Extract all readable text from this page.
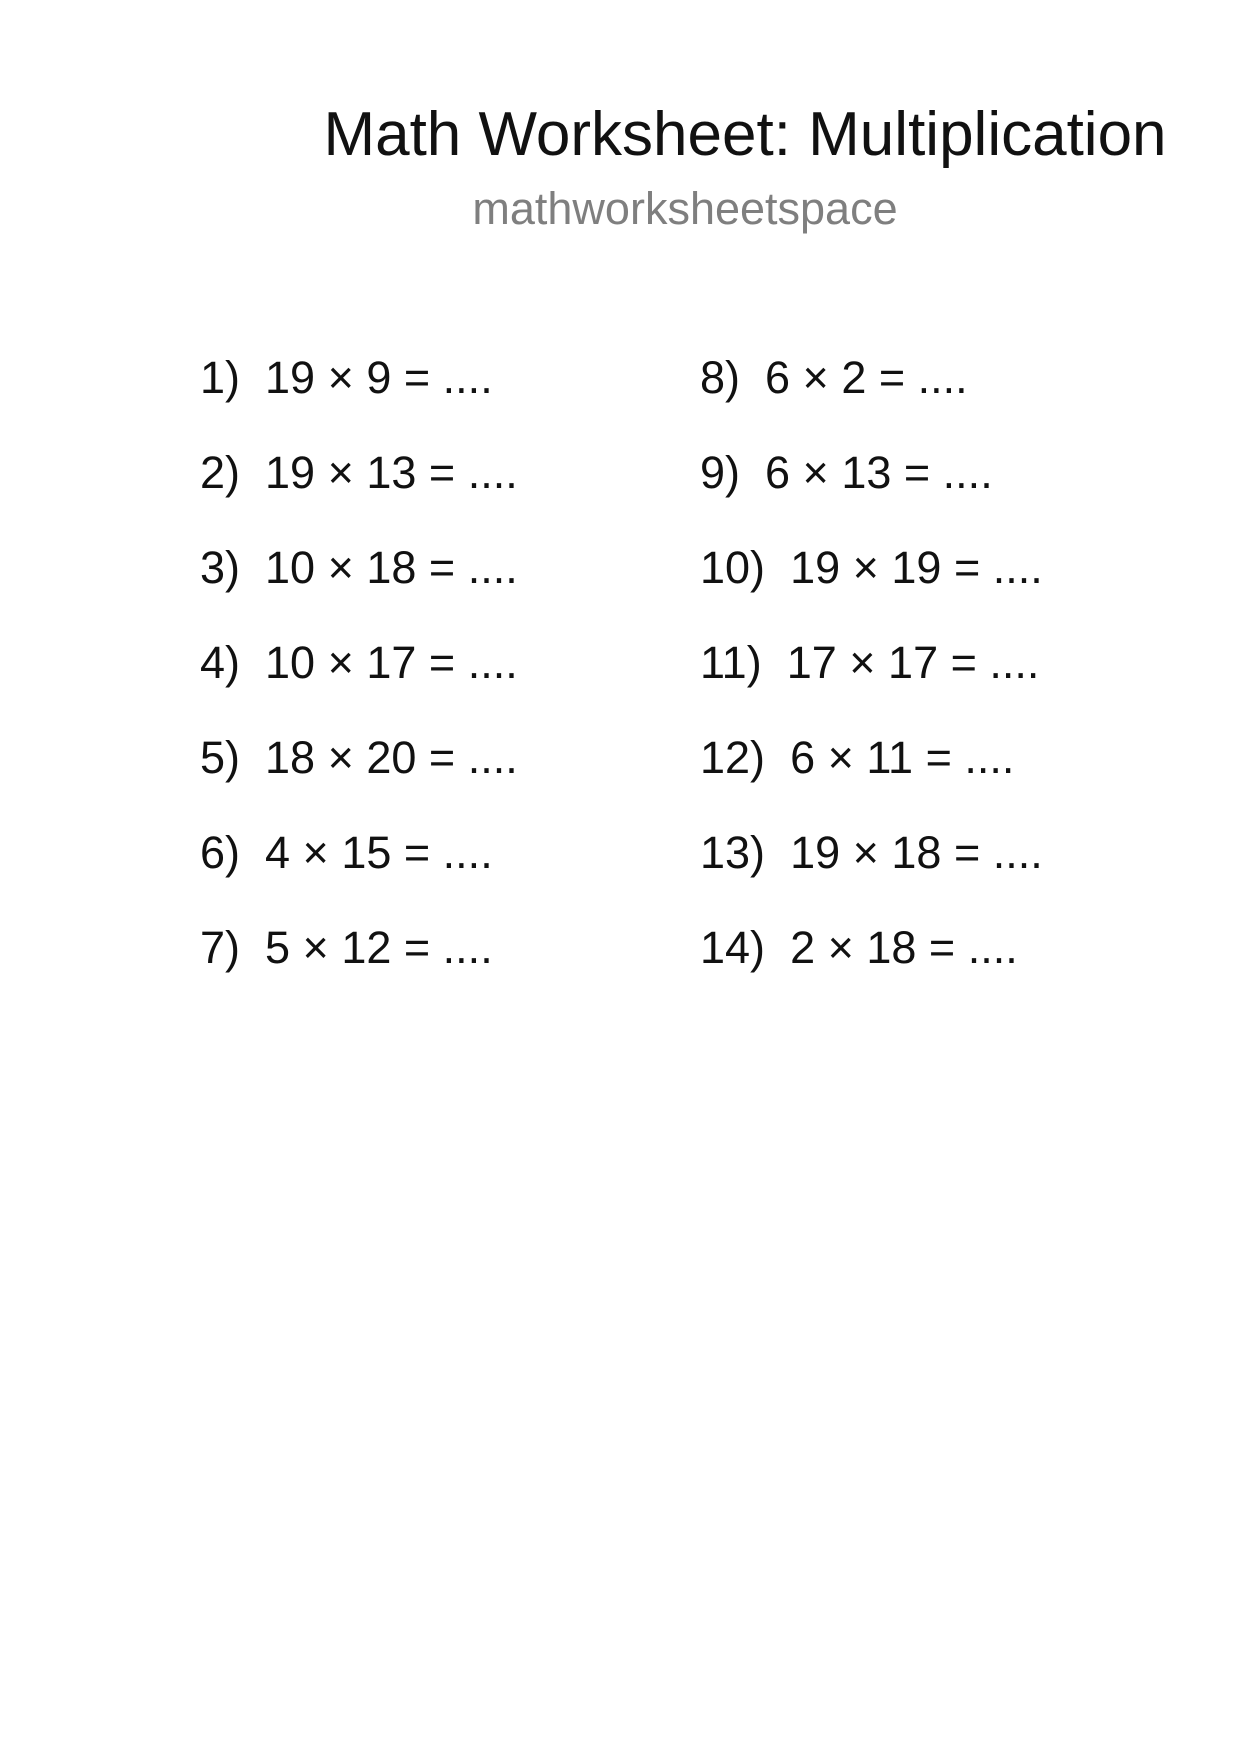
Math Worksheet: Multiplication
mathworksheetspace
1) 19 × 9 = ....
2) 19 × 13 = ....
3) 10 × 18 = ....
4) 10 × 17 = ....
5) 18 × 20 = ....
6) 4 × 15 = ....
7) 5 × 12 = ....
8) 6 × 2 = ....
9) 6 × 13 = ....
10) 19 × 19 = ....
11) 17 × 17 = ....
12) 6 × 11 = ....
13) 19 × 18 = ....
14) 2 × 18 = ....
